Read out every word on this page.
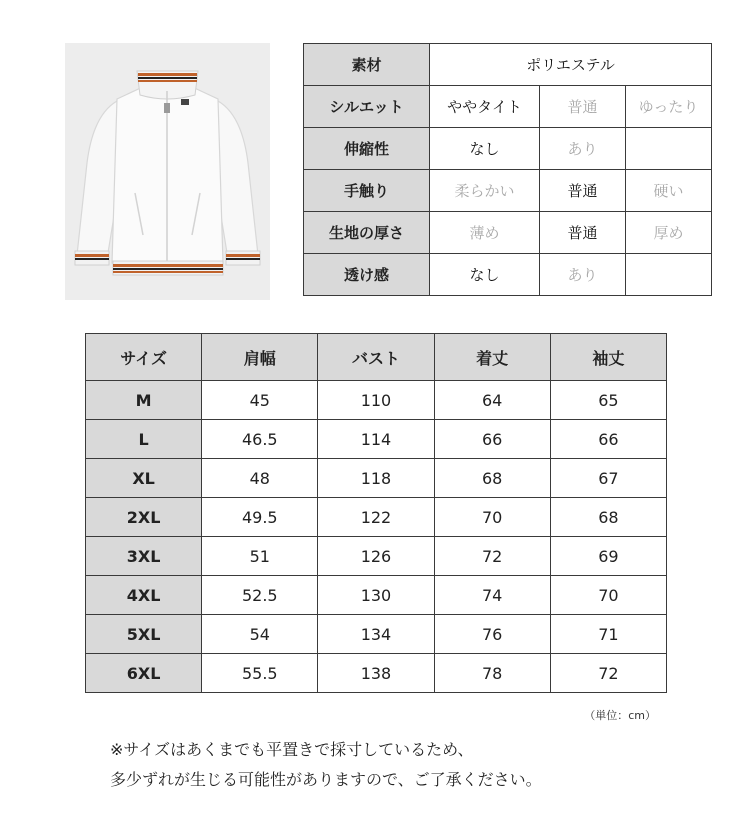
素材	ポリエステル		
シルエット	ややタイト	普通	ゆったり
伸縮性	なし	あり	
手触り	柔らかい	普通	硬い
生地の厚さ	薄め	普通	厚め
透け感	なし	あり	
サイズ	肩幅	バスト	着丈	袖丈
M	45	110	64	65
L	46.5	114	66	66
XL	48	118	68	67
2XL	49.5	122	70	68
3XL	51	126	72	69
4XL	52.5	130	74	70
5XL	54	134	76	71
6XL	55.5	138	78	72
（単位：cm）
※サイズはあくまでも平置きで採寸しているため、
多少ずれが生じる可能性がありますので、ご了承ください。
